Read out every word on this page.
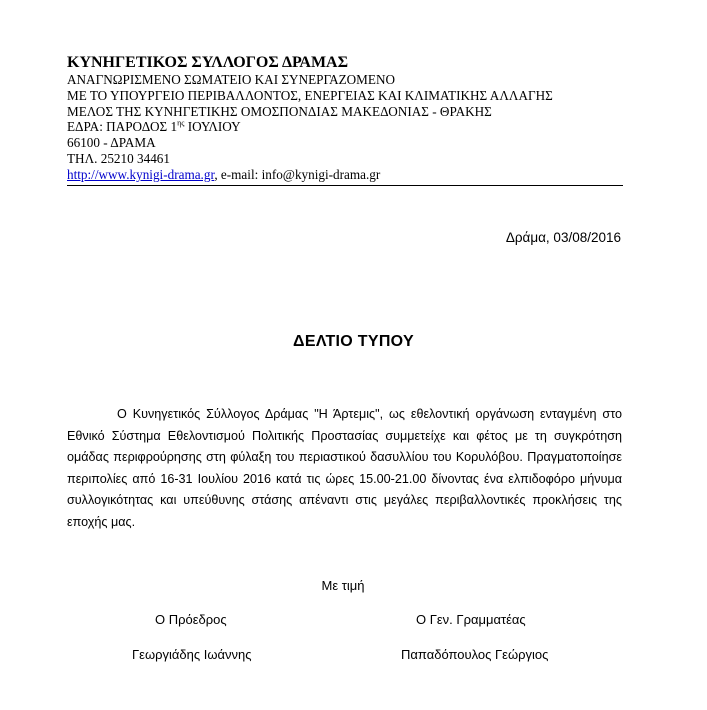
ΚΥΝΗΓΕΤΙΚΟΣ ΣΥΛΛΟΓΟΣ ΔΡΑΜΑΣ
ΑΝΑΓΝΩΡΙΣΜΕΝΟ ΣΩΜΑΤΕΙΟ ΚΑΙ ΣΥΝΕΡΓΑΖΟΜΕΝΟ
ΜΕ ΤΟ ΥΠΟΥΡΓΕΙΟ ΠΕΡΙΒΑΛΛΟΝΤΟΣ, ΕΝΕΡΓΕΙΑΣ ΚΑΙ ΚΛΙΜΑΤΙΚΗΣ ΑΛΛΑΓΗΣ
ΜΕΛΟΣ ΤΗΣ ΚΥΝΗΓΕΤΙΚΗΣ ΟΜΟΣΠΟΝΔΙΑΣ ΜΑΚΕΔΟΝΙΑΣ - ΘΡΑΚΗΣ
ΕΔΡΑ: ΠΑΡΟΔΟΣ $1^{\eta\varsigma}$ ΙΟΥΛΙΟΥ
66100 - ΔΡΑΜΑ
ΤΗΛ. 25210 34461
http://www.kynigi-drama.gr, e-mail: info@kynigi-drama.gr
Δράμα, 03/08/2016
ΔΕΛΤΙΟ ΤΥΠΟΥ
Ο Κυνηγετικός Σύλλογος Δράμας "Η Άρτεμις", ως εθελοντική οργάνωση ενταγμένη στο Εθνικό Σύστημα Εθελοντισμού Πολιτικής Προστασίας συμμετείχε και φέτος με τη συγκρότηση ομάδας περιφρούρησης στη φύλαξη του περιαστικού δασυλλίου του Κορυλόβου. Πραγματοποίησε περιπολίες από 16-31 Ιουλίου 2016 κατά τις ώρες 15.00-21.00 δίνοντας ένα ελπιδοφόρο μήνυμα συλλογικότητας και υπεύθυνης στάσης απέναντι στις μεγάλες περιβαλλοντικές προκλήσεις της εποχής μας.
Με τιμή
Ο Πρόεδρος
Γεωργιάδης Ιωάννης
Ο Γεν. Γραμματέας
Παπαδόπουλος Γεώργιος
